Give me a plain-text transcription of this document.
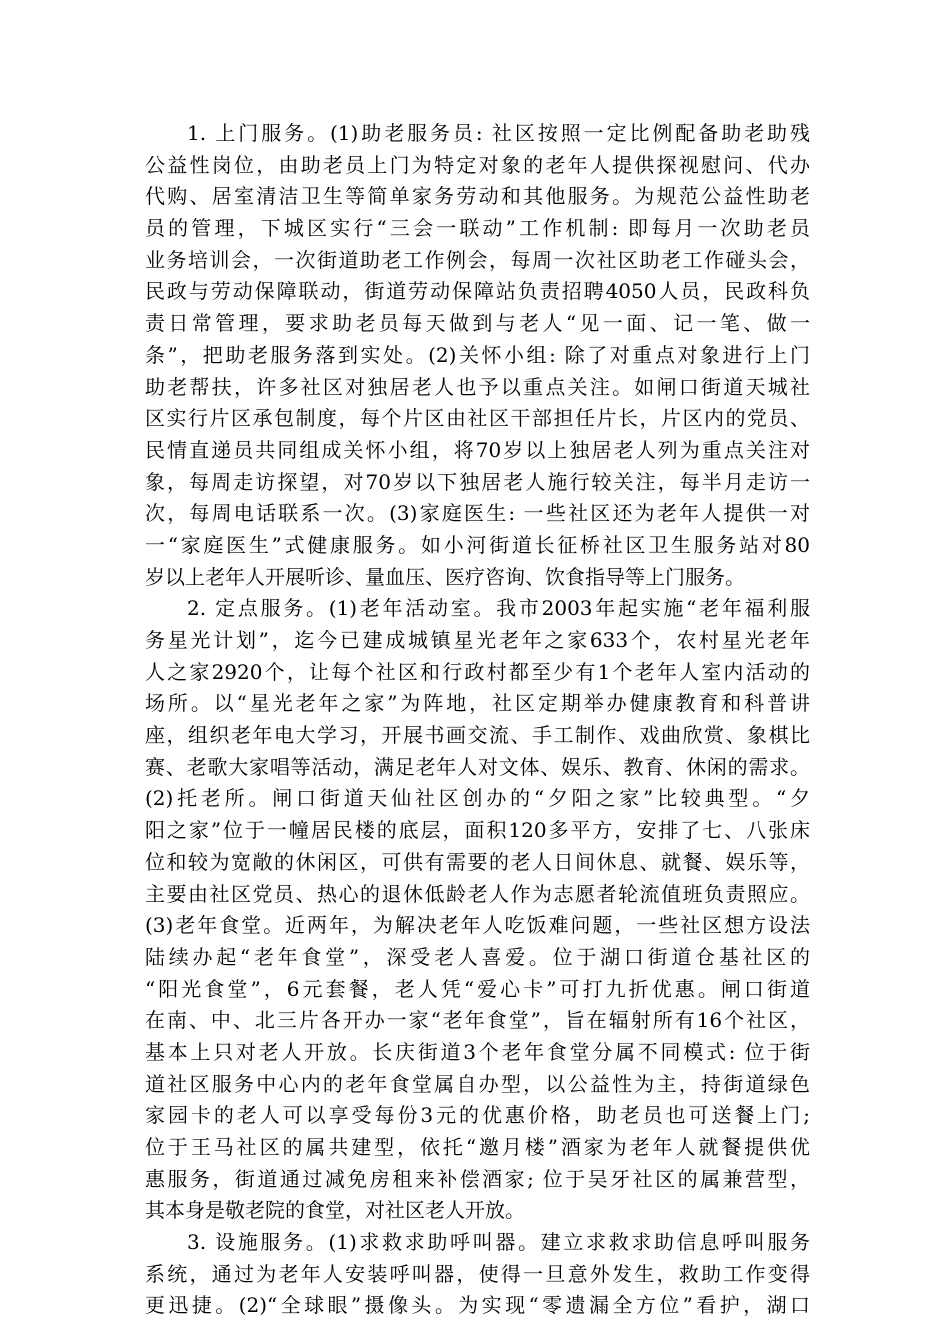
1. 上门服务。(1)助老服务员: 社区按照一定比例配备助老助残
公益性岗位，由助老员上门为特定对象的老年人提供探视慰问、代办
代购、居室清洁卫生等简单家务劳动和其他服务。为规范公益性助老
员的管理，下城区实行“三会一联动”工作机制: 即每月一次助老员
业务培训会，一次街道助老工作例会，每周一次社区助老工作碰头会，
民政与劳动保障联动，街道劳动保障站负责招聘4050人员，民政科负
责日常管理，要求助老员每天做到与老人“见一面、记一笔、做一
条”，把助老服务落到实处。(2)关怀小组: 除了对重点对象进行上门
助老帮扶，许多社区对独居老人也予以重点关注。如闸口街道天城社
区实行片区承包制度，每个片区由社区干部担任片长，片区内的党员、
民情直递员共同组成关怀小组，将70岁以上独居老人列为重点关注对
象，每周走访探望，对70岁以下独居老人施行较关注，每半月走访一
次，每周电话联系一次。(3)家庭医生: 一些社区还为老年人提供一对
一“家庭医生”式健康服务。如小河街道长征桥社区卫生服务站对80
岁以上老年人开展听诊、量血压、医疗咨询、饮食指导等上门服务。
2. 定点服务。(1)老年活动室。我市2003年起实施“老年福利服
务星光计划”，迄今已建成城镇星光老年之家633个，农村星光老年
人之家2920个，让每个社区和行政村都至少有1个老年人室内活动的
场所。以“星光老年之家”为阵地，社区定期举办健康教育和科普讲
座，组织老年电大学习，开展书画交流、手工制作、戏曲欣赏、象棋比
赛、老歌大家唱等活动，满足老年人对文体、娱乐、教育、休闲的需求。
(2)托老所。闸口街道天仙社区创办的“夕阳之家”比较典型。“夕
阳之家”位于一幢居民楼的底层，面积120多平方，安排了七、八张床
位和较为宽敞的休闲区，可供有需要的老人日间休息、就餐、娱乐等，
主要由社区党员、热心的退休低龄老人作为志愿者轮流值班负责照应。
(3)老年食堂。近两年，为解决老年人吃饭难问题，一些社区想方设法
陆续办起“老年食堂”，深受老人喜爱。位于湖口街道仓基社区的
“阳光食堂”，6元套餐，老人凭“爱心卡”可打九折优惠。闸口街道
在南、中、北三片各开办一家“老年食堂”，旨在辐射所有16个社区，
基本上只对老人开放。长庆街道3个老年食堂分属不同模式: 位于街
道社区服务中心内的老年食堂属自办型，以公益性为主，持街道绿色
家园卡的老人可以享受每份3元的优惠价格，助老员也可送餐上门;
位于王马社区的属共建型，依托“邀月楼”酒家为老年人就餐提供优
惠服务，街道通过减免房租来补偿酒家; 位于吴牙社区的属兼营型，
其本身是敬老院的食堂，对社区老人开放。
3. 设施服务。(1)求救求助呼叫器。建立求救求助信息呼叫服务
系统，通过为老年人安装呼叫器，使得一旦意外发生，救助工作变得
更迅捷。(2)“全球眼”摄像头。为实现“零遗漏全方位”看护，湖口
